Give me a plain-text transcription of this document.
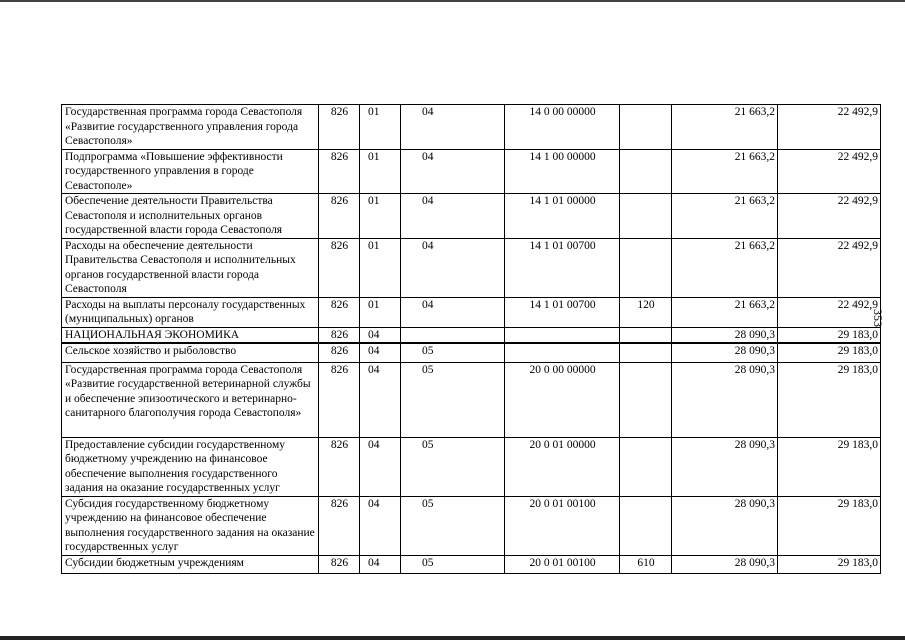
Государственная программа города Севастополя «Развитие государственного управления города Севастополя»	826	01	04	14 0 00 00000		21 663,2	22 492,9
Подпрограмма «Повышение эффективности государственного управления в городе Севастополе»	826	01	04	14 1 00 00000		21 663,2	22 492,9
Обеспечение деятельности Правительства Севастополя и исполнительных органов государственной власти города Севастополя	826	01	04	14 1 01 00000		21 663,2	22 492,9
Расходы на обеспечение деятельности Правительства Севастополя и исполнительных органов государственной власти города Севастополя	826	01	04	14 1 01 00700		21 663,2	22 492,9
Расходы на выплаты персоналу государственных (муниципальных) органов	826	01	04	14 1 01 00700	120	21 663,2	22 492,9
НАЦИОНАЛЬНАЯ ЭКОНОМИКА	826	04				28 090,3	29 183,0
Сельское хозяйство и рыболовство	826	04	05			28 090,3	29 183,0
Государственная программа города Севастополя «Развитие государственной ветеринарной службы и обеспечение эпизоотического и ветеринарно-санитарного благополучия города Севастополя»	826	04	05	20 0 00 00000		28 090,3	29 183,0
Предоставление субсидии государственному бюджетному учреждению на финансовое обеспечение выполнения государственного задания на оказание государственных услуг	826	04	05	20 0 01 00000		28 090,3	29 183,0
Субсидия государственному бюджетному учреждению на финансовое обеспечение выполнения государственного задания на оказание государственных услуг	826	04	05	20 0 01 00100		28 090,3	29 183,0
Субсидии бюджетным учреждениям	826	04	05	20 0 01 00100	610	28 090,3	29 183,0
353
